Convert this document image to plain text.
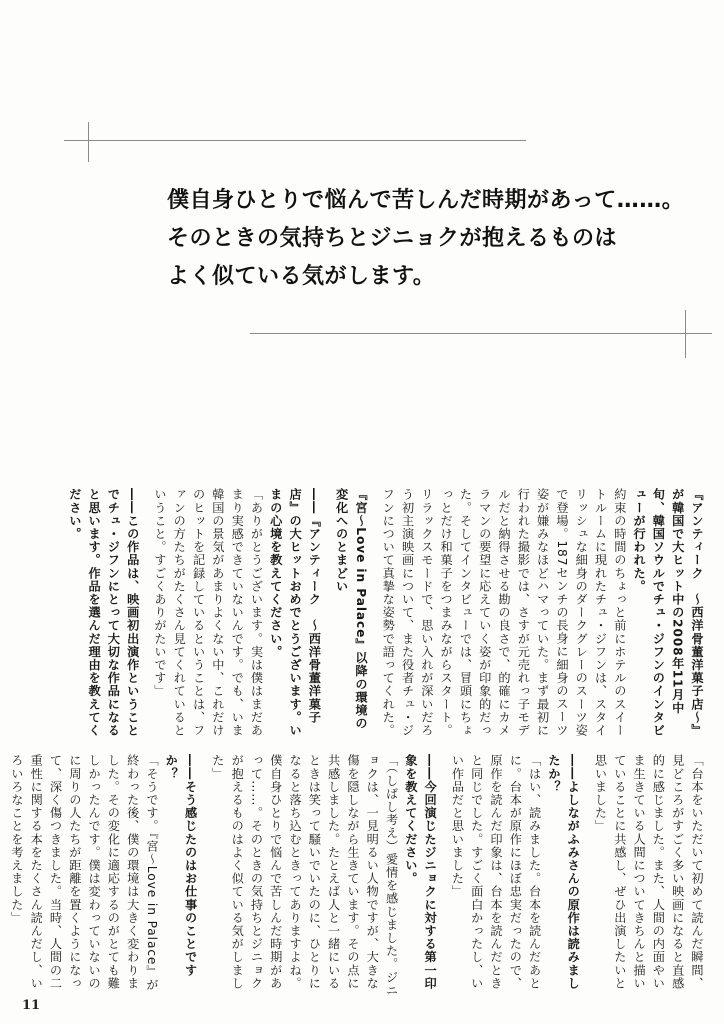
僕自身ひとりで悩んで苦しんだ時期があって……。
そのときの気持ちとジニョクが抱えるものは
よく似ている気がします。

『アンティーク　～西洋骨董洋菓子店～』が韓国で大ヒット中の2008年11月中旬、韓国ソウルでチュ・ジフンのインタビューが行われた。

約束の時間のちょっと前にホテルのスイートルームに現れたチュ・ジフンは、スタイリッシュな細身のダークグレーのスーツ姿で登場。187センチの長身に細身のスーツ姿が嫌みなほどハマっていた。まず最初に行われた撮影では、さすが元売れっ子モデルだと納得させる勘の良さで、的確にカメラマンの要望に応えていく姿が印象的だった。そしてインタビューでは、冒頭にちょっとだけ和菓子をつまみながらスタート。リラックスモードで、思い入れが深いだろう初主演映画について、また役者チュ・ジフンについて真摯な姿勢で語ってくれた。

『宮～Love in Palace』以降の環境の変化へのとまどい

――『アンティーク　～西洋骨董洋菓子店』の大ヒットおめでとうございます。いまの心境を教えてください。

「ありがとうございます。実は僕はまだあまり実感できていないんです。でも、いま韓国の景気があまりよくない中、これだけのヒットを記録しているということは、ファンの方たちがたくさん見てくれているということ。すごくありがたいです」

――この作品は、映画初出演作ということでチュ・ジフンにとって大切な作品になると思います。作品を選んだ理由を教えてください。

「台本をいただいて初めて読んだ瞬間、見どころがすごく多い映画になると直感的に感じました。また、人間の内面やいま生きている人間についてきちんと描いていることに共感し、ぜひ出演したいと思いました」

――よしながふみさんの原作は読みましたか？

「はい、読みました。台本を読んだあとに。台本が原作にほぼ忠実だったので、原作を読んだ印象は、台本を読んだときと同じでした。すごく面白かったし、いい作品だと思いました」

――今回演じたジニョクに対する第一印象を教えてください。

「（しばし考え）愛情を感じました。ジニョクは、一見明るい人物ですが、大きな傷を隠しながら生きています。その点に共感しました。たとえば人と一緒にいるときは笑って騒いでいたのに、ひとりになると落ち込むときってありますよね。僕自身ひとりで悩んで苦しんだ時期があって……。そのときの気持ちとジニョクが抱えるものはよく似ている気がしました」

――そう感じたのはお仕事のことですか？

「そうです。『宮～Love in Palace』が終わった後、僕の環境は大きく変わりました。その変化に適応するのがとても難しかったんです。僕は変わっていないのに周りの人たちが距離を置くようになって、深く傷つきました。当時、人間の二重性に関する本をたくさん読んだし、いろいろなことを考えました」

11
